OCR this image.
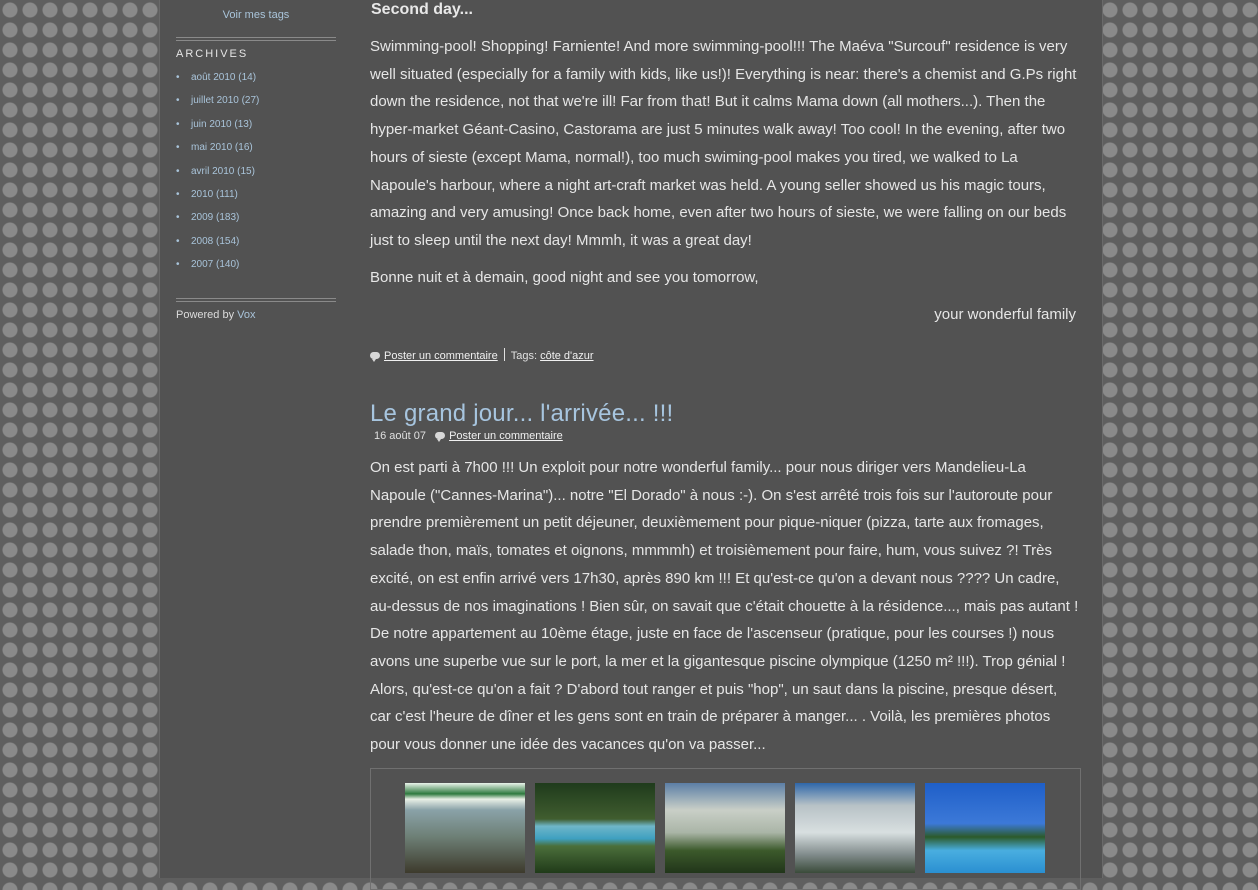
Voir mes tags
ARCHIVES
• août 2010 (14)
• juillet 2010 (27)
• juin 2010 (13)
• mai 2010 (16)
• avril 2010 (15)
• 2010 (111)
• 2009 (183)
• 2008 (154)
• 2007 (140)
Powered by Vox
Second day...

Swimming-pool! Shopping! Farniente! And more swimming-pool!!! The Maéva "Surcouf" residence is very well situated (especially for a family with kids, like us!)! Everything is near: there's a chemist and G.Ps right down the residence, not that we're ill! Far from that! But it calms Mama down (all mothers...). Then the hyper-market Géant-Casino, Castorama are just 5 minutes walk away! Too cool! In the evening, after two hours of sieste (except Mama, normal!), too much swiming-pool makes you tired, we walked to La Napoule's harbour, where a night art-craft market was held. A young seller showed us his magic tours, amazing and very amusing! Once back home, even after two hours of sieste, we were falling on our beds just to sleep until the next day! Mmmh, it was a great day!

Bonne nuit et à demain, good night and see you tomorrow,

your wonderful family

Poster un commentaire Tags: côte d'azur
Le grand jour... l'arrivée... !!!
16 août 07 Poster un commentaire

On est parti à 7h00 !!! Un exploit pour notre wonderful family... pour nous diriger vers Mandelieu-La Napoule ("Cannes-Marina")... notre "El Dorado" à nous :-). On s'est arrêté trois fois sur l'autoroute pour prendre premièrement un petit déjeuner, deuxièmement pour pique-niquer (pizza, tarte aux fromages, salade thon, maïs, tomates et oignons, mmmmh) et troisièmement pour faire, hum, vous suivez ?! Très excité, on est enfin arrivé vers 17h30, après 890 km !!! Et qu'est-ce qu'on a devant nous ???? Un cadre, au-dessus de nos imaginations ! Bien sûr, on savait que c'était chouette à la résidence..., mais pas autant ! De notre appartement au 10ème étage, juste en face de l'ascenseur (pratique, pour les courses !) nous avons une superbe vue sur le port, la mer et la gigantesque piscine olympique (1250 m² !!!). Trop génial ! Alors, qu'est-ce qu'on a fait ? D'abord tout ranger et puis "hop", un saut dans la piscine, presque désert, car c'est l'heure de dîner et les gens sont en train de préparer à manger... . Voilà, les premières photos pour vous donner une idée des vacances qu'on va passer...
